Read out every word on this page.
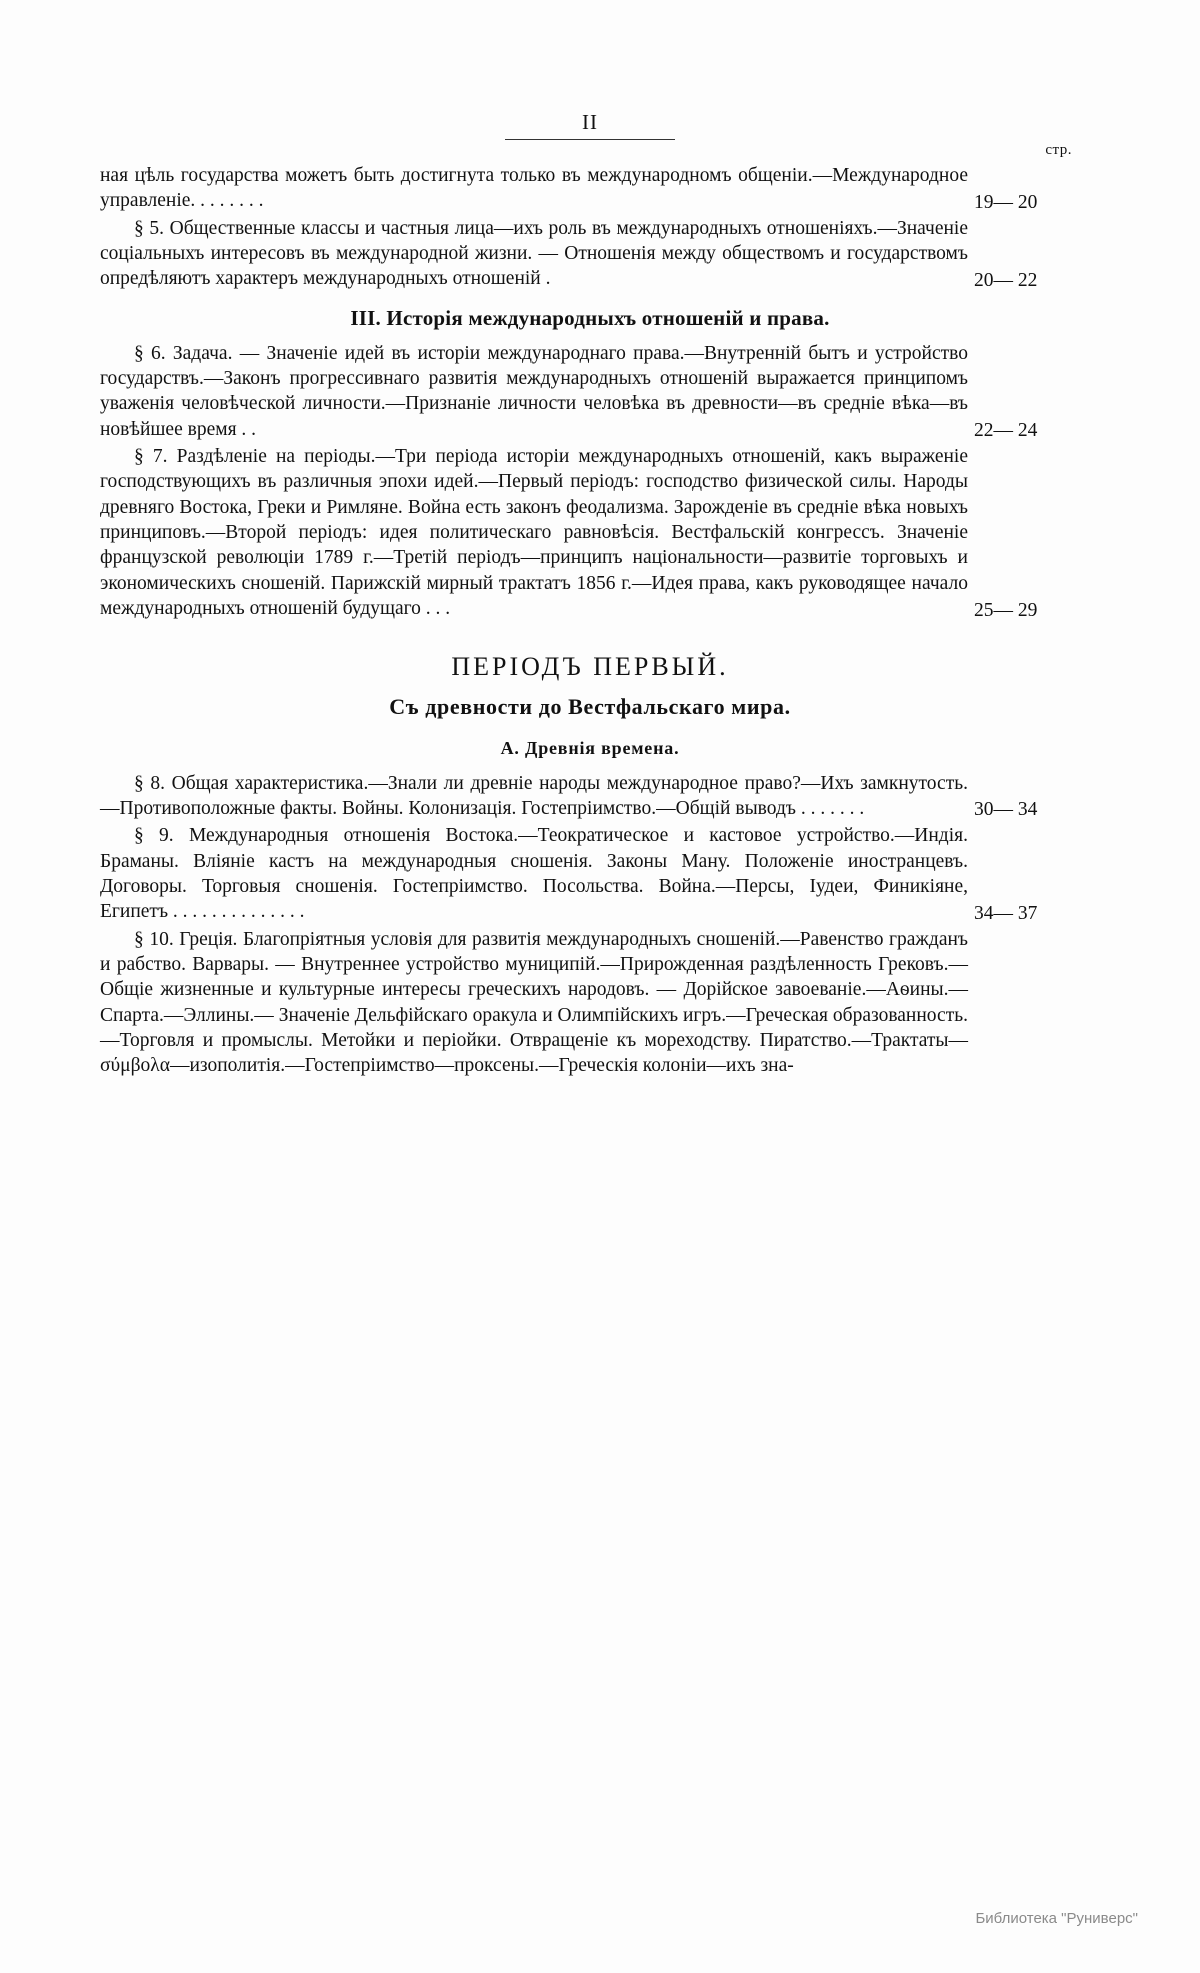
II
стр.
ная цѣль государства можетъ быть достигнута только въ международномъ общеніи.—Международное управленіе. . . . . . . .	19— 20
§ 5. Общественные классы и частныя лица—ихъ роль въ международныхъ отношеніяхъ.—Значеніе соціальныхъ интересовъ въ международной жизни. — Отношенія между обществомъ и государствомъ опредѣляютъ характеръ международныхъ отношеній .	20— 22
III. Исторія международныхъ отношеній и права.
§ 6. Задача. — Значеніе идей въ исторіи международнаго права.—Внутренній бытъ и устройство государствъ.—Законъ прогрессивнаго развитія международныхъ отношеній выражается принципомъ уваженія человѣческой личности.—Признаніе личности человѣка въ древности—въ средніе вѣка—въ новѣйшее время . .	22— 24
§ 7. Раздѣленіе на періоды.—Три періода исторіи международныхъ отношеній, какъ выраженіе господствующихъ въ различныя эпохи идей.—Первый періодъ: господство физической силы. Народы древняго Востока, Греки и Римляне. Война есть законъ феодализма. Зарожденіе въ среднie вѣка новыхъ принциповъ.—Второй періодъ: идея политическаго равновѣсія. Вестфальскій конгрессъ. Значеніе французской революціи 1789 г.—Третій періодъ—принципъ національности—развитіе торговыхъ и экономическихъ сношеній. Парижскій мирный трактатъ 1856 г.—Идея права, какъ руководящее начало международныхъ отношеній будущаго . . .	25— 29
ПЕРІОДЪ ПЕРВЫЙ.
Съ древности до Вестфальскаго мира.
А. Древнія времена.
§ 8. Общая характеристика.—Знали ли древніе народы международное право?—Ихъ замкнутость.—Противоположные факты. Войны. Колонизація. Гостепріимство.—Общій выводъ . . . . . . .	30— 34
§ 9. Международныя отношенія Востока.—Теократическое и кастовое устройство.—Индія. Браманы. Вліяніе кастъ на международныя сношенія. Законы Ману. Положеніе иностранцевъ. Договоры. Торговыя сношенія. Гостепріимство. Посольства. Война.—Персы, Іудеи, Финикіяне, Египетъ . . . . . . . . . . . . . .	34— 37
§ 10. Греція. Благопріятныя условія для развитія международныхъ сношеній.—Равенство гражданъ и рабство. Варвары. — Внутреннее устройство муниципій.—Прирожденная раздѣленность Грековъ.— Общіе жизненные и культурные интересы греческихъ народовъ. — Дорійское завоеваніе.—Аѳины.—Спарта.—Эллины.— Значеніе Дельфійскаго оракула и Олимпійскихъ игръ.—Греческая образованность.—Торговля и промыслы. Метойки и періойки. Отвращеніе къ мореходству. Пиратство.—Трактаты—σύμβολα—изополитія.—Гостепріимство—проксены.—Греческія колоніи—ихъ зна-
Библиотека "Руниверс"
